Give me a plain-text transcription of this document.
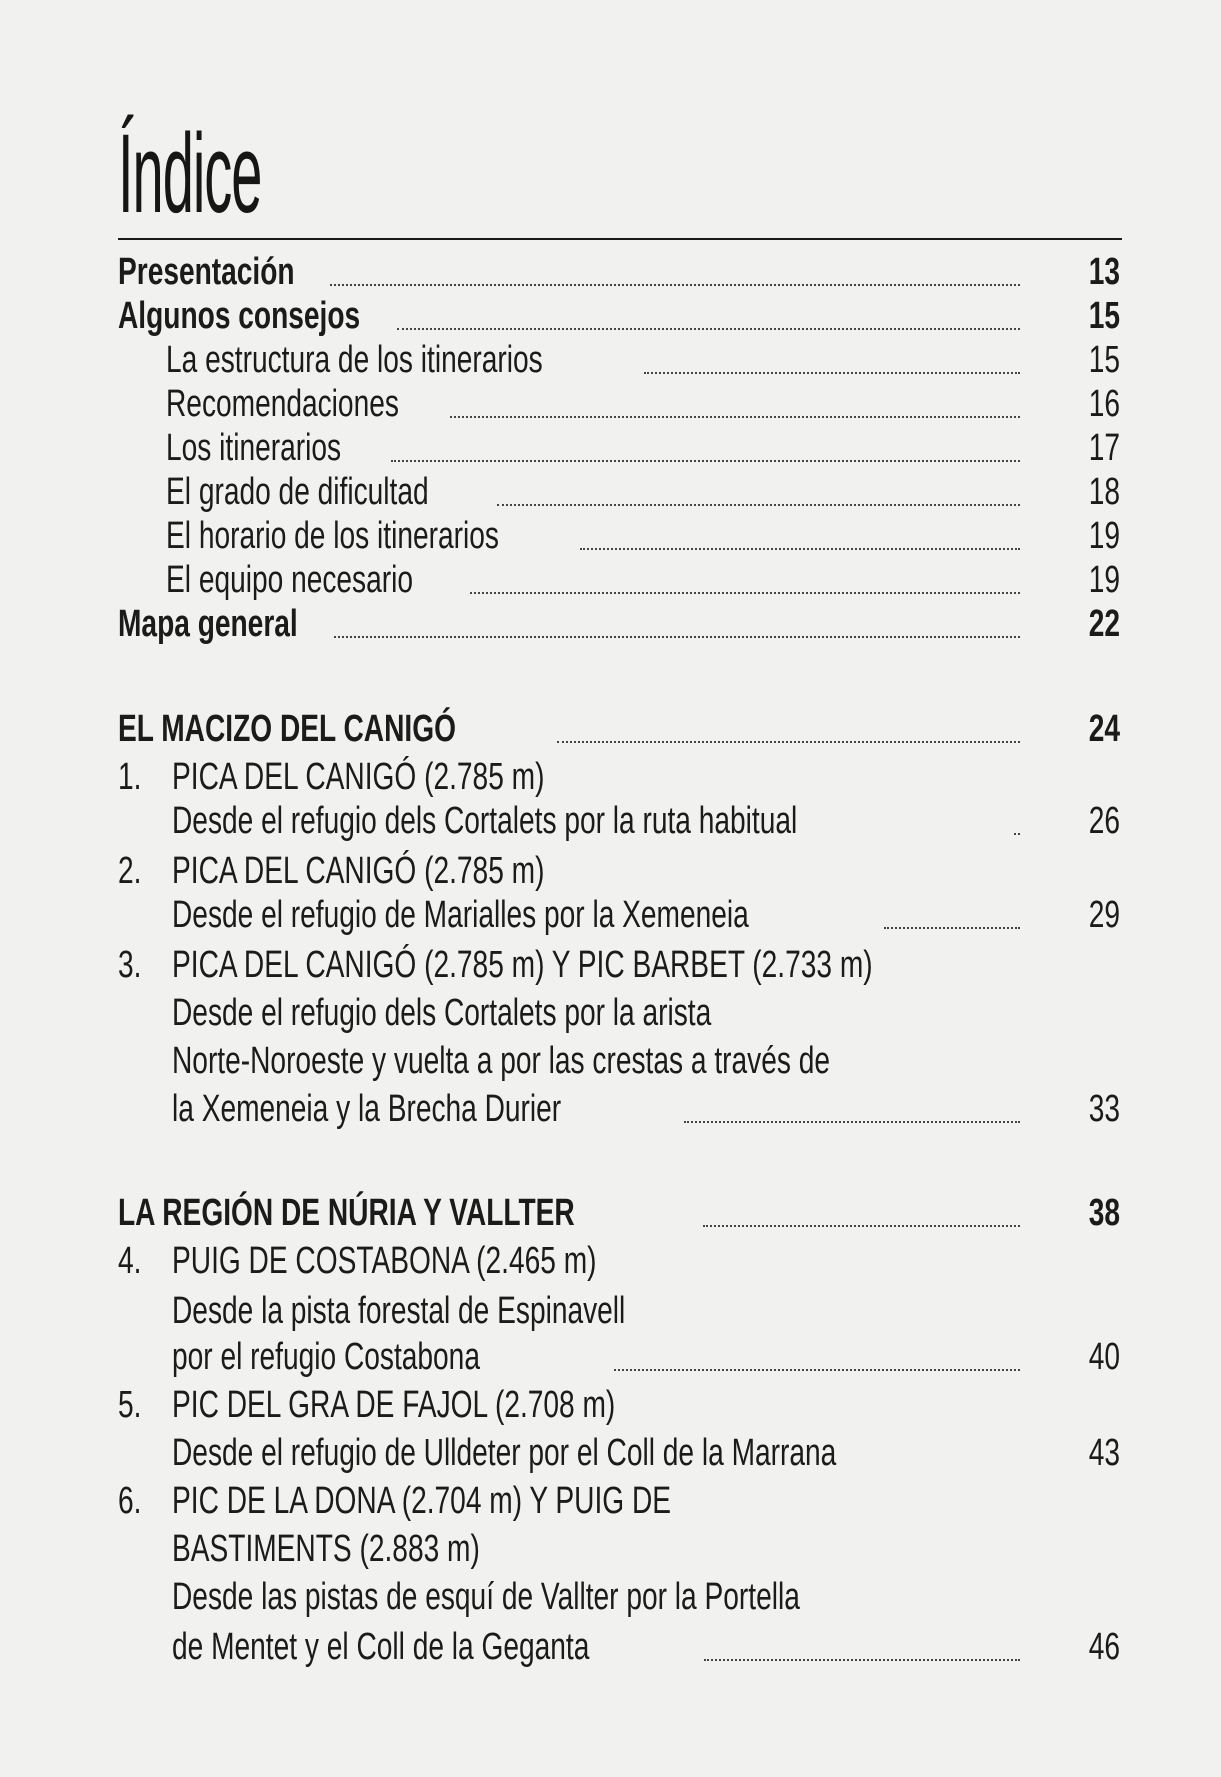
Índice
Presentación	13
Algunos consejos	15
La estructura de los itinerarios	15
Recomendaciones	16
Los itinerarios	17
El grado de dificultad	18
El horario de los itinerarios	19
El equipo necesario	19
Mapa general	22
EL MACIZO DEL CANIGÓ	24
1. PICA DEL CANIGÓ (2.785 m)
Desde el refugio dels Cortalets por la ruta habitual	26
2. PICA DEL CANIGÓ (2.785 m)
Desde el refugio de Marialles por la Xemeneia	29
3. PICA DEL CANIGÓ (2.785 m) Y PIC BARBET (2.733 m)
Desde el refugio dels Cortalets por la arista
Norte-Noroeste y vuelta a por las crestas a través de
la Xemeneia y la Brecha Durier	33
LA REGIÓN DE NÚRIA Y VALLTER	38
4. PUIG DE COSTABONA (2.465 m)
Desde la pista forestal de Espinavell
por el refugio Costabona	40
5. PIC DEL GRA DE FAJOL (2.708 m)
Desde el refugio de Ulldeter por el Coll de la Marrana	43
6. PIC DE LA DONA (2.704 m) Y PUIG DE
BASTIMENTS (2.883 m)
Desde las pistas de esquí de Vallter por la Portella
de Mentet y el Coll de la Geganta	46
